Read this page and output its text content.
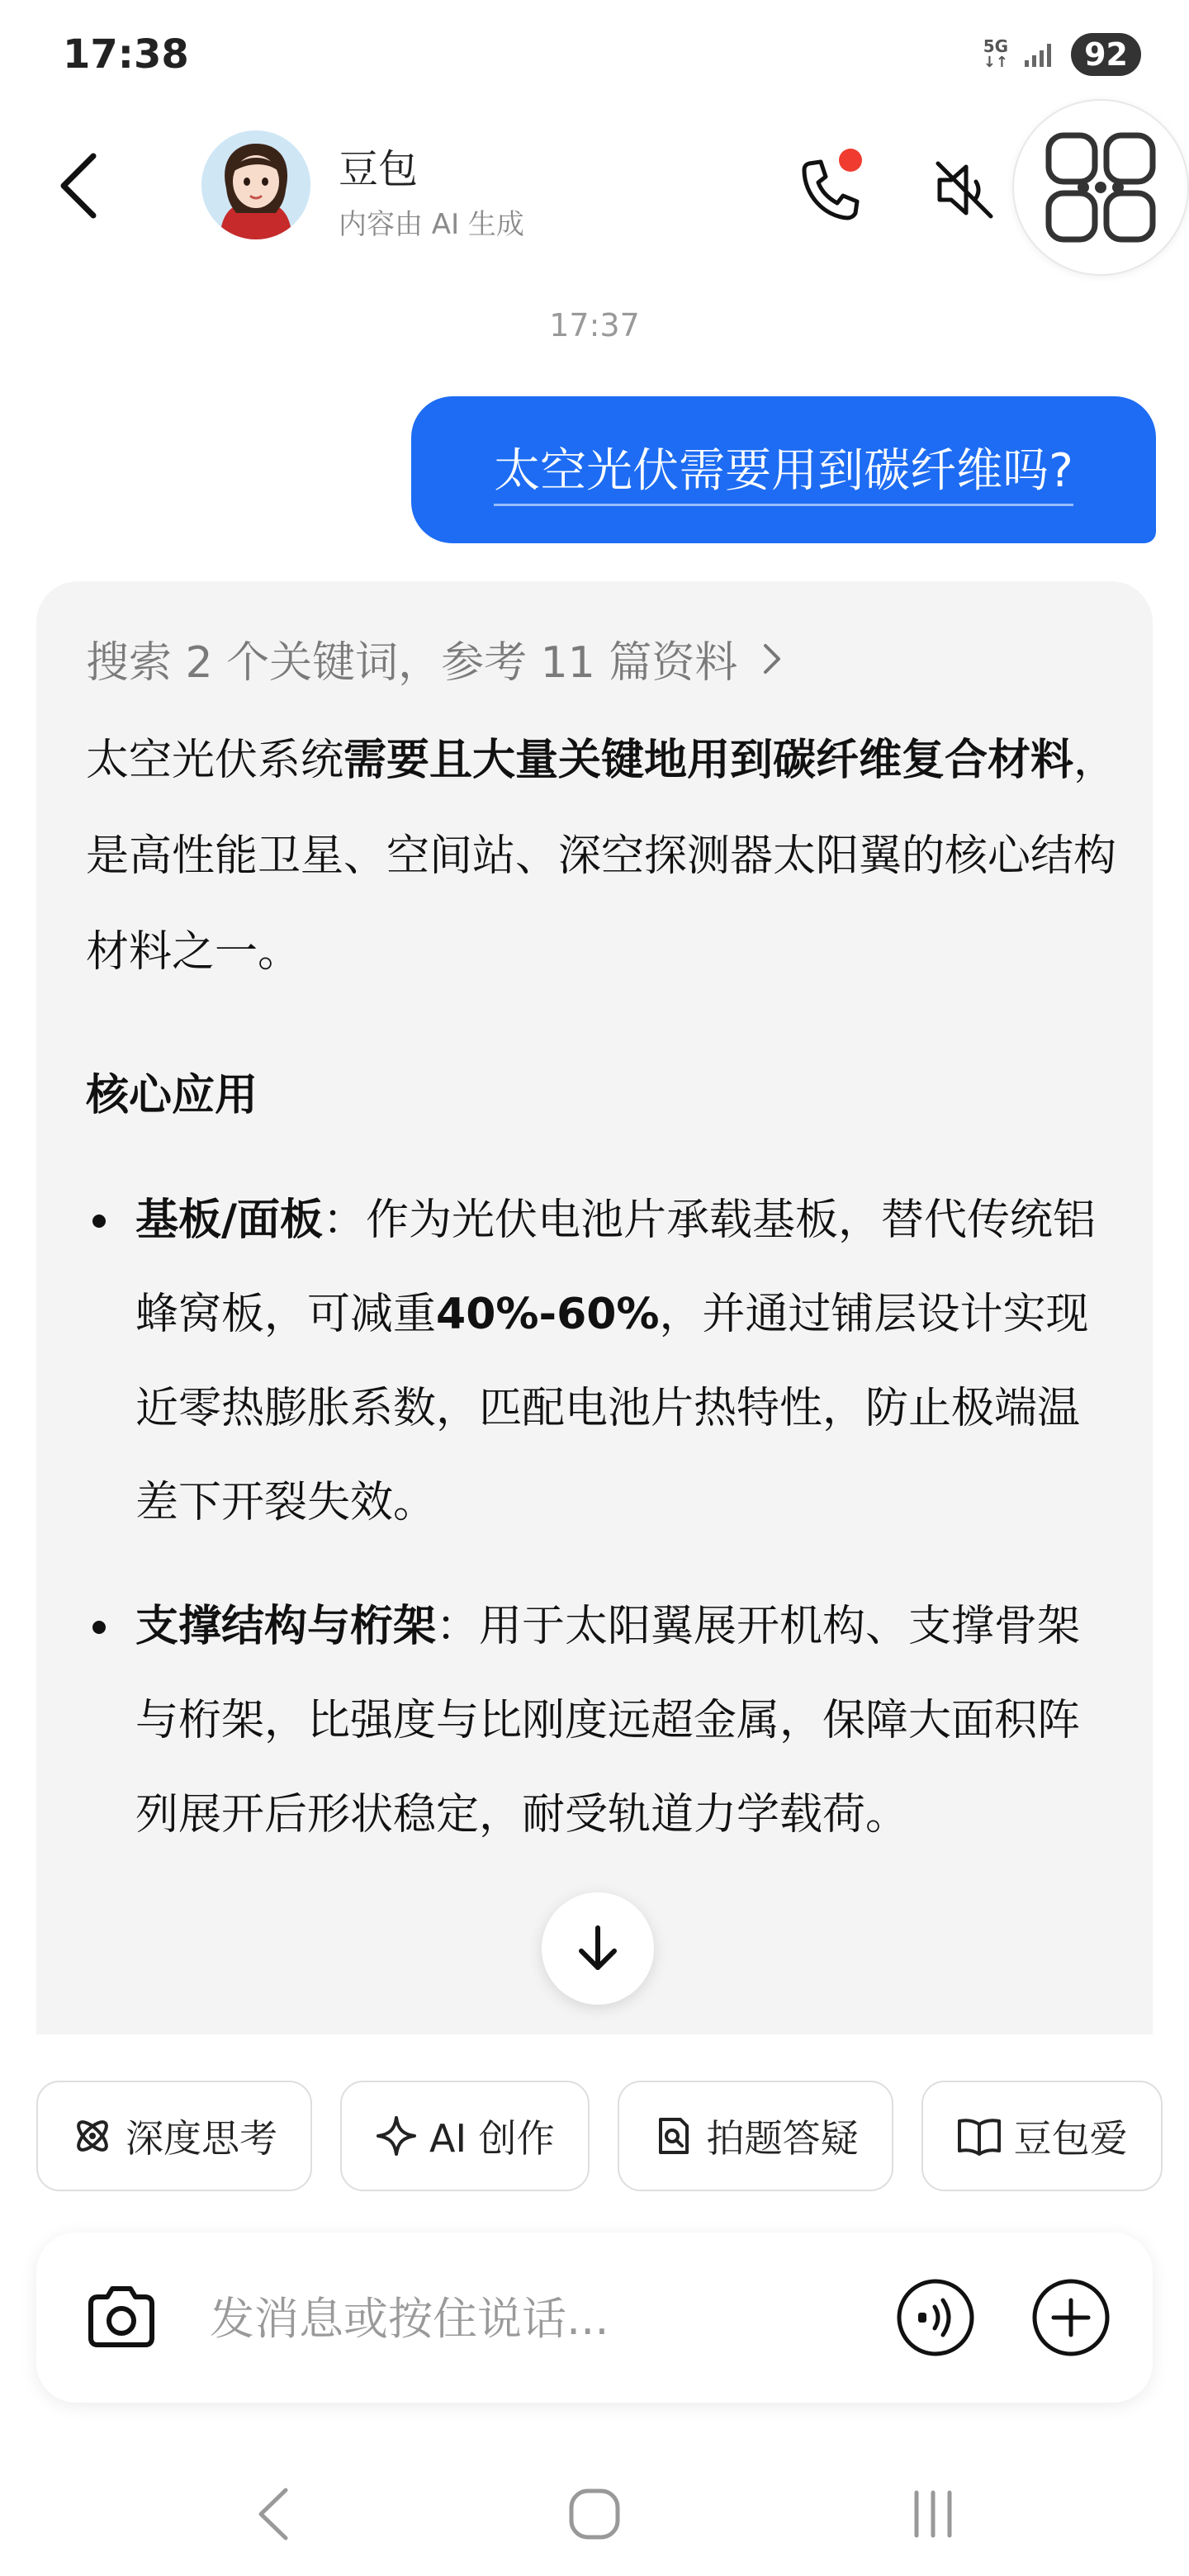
17:38	5G
↓↑	92
豆包
内容由 AI 生成
17:37
太空光伏需要用到碳纤维吗?
搜索 2 个关键词，参考 11 篇资料
太空光伏系统需要且大量关键地用到碳纤维复合材料，是高性能卫星、空间站、深空探测器太阳翼的核心结构材料之一。
核心应用
基板/面板：作为光伏电池片承载基板，替代传统铝蜂窝板，可减重40%-60%，并通过铺层设计实现近零热膨胀系数，匹配电池片热特性，防止极端温差下开裂失效。
支撑结构与桁架：用于太阳翼展开机构、支撑骨架与桁架，比强度与比刚度远超金属，保障大面积阵列展开后形状稳定，耐受轨道力学载荷。
深度思考	AI 创作	拍题答疑	豆包爱
发消息或按住说话...
